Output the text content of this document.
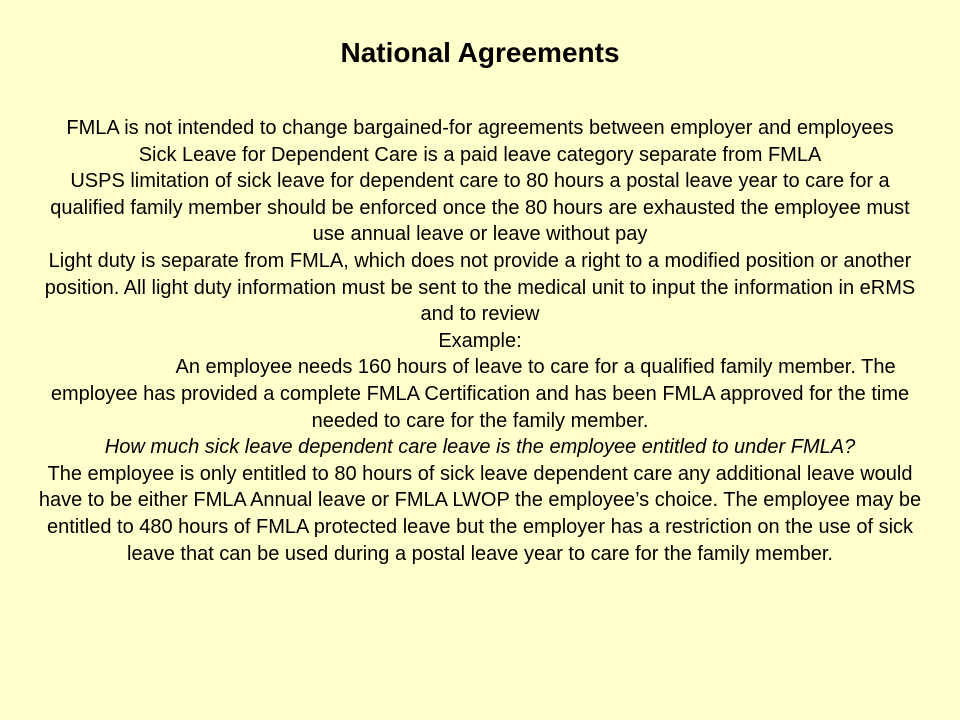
National Agreements

FMLA is not intended to change bargained-for agreements between employer and employees

Sick Leave for Dependent Care is a paid leave category separate from FMLA

USPS limitation of sick leave for dependent care to 80 hours a postal leave year to care for a qualified family member should be enforced once the 80 hours are exhausted the employee must use annual leave or leave without pay

Light duty is separate from FMLA, which does not provide a right to a modified position or another position. All light duty information must be sent to the medical unit to input the information in eRMS and to review

Example:

An employee needs 160 hours of leave to care for a qualified family member. The employee has provided a complete FMLA Certification and has been FMLA approved for the time needed to care for the family member.

How much sick leave dependent care leave is the employee entitled to under FMLA?

The employee is only entitled to 80 hours of sick leave dependent care any additional leave would have to be either FMLA Annual leave or FMLA LWOP the employee’s choice. The employee may be entitled to 480 hours of FMLA protected leave but the employer has a restriction on the use of sick leave that can be used during a postal leave year to care for the family member.
